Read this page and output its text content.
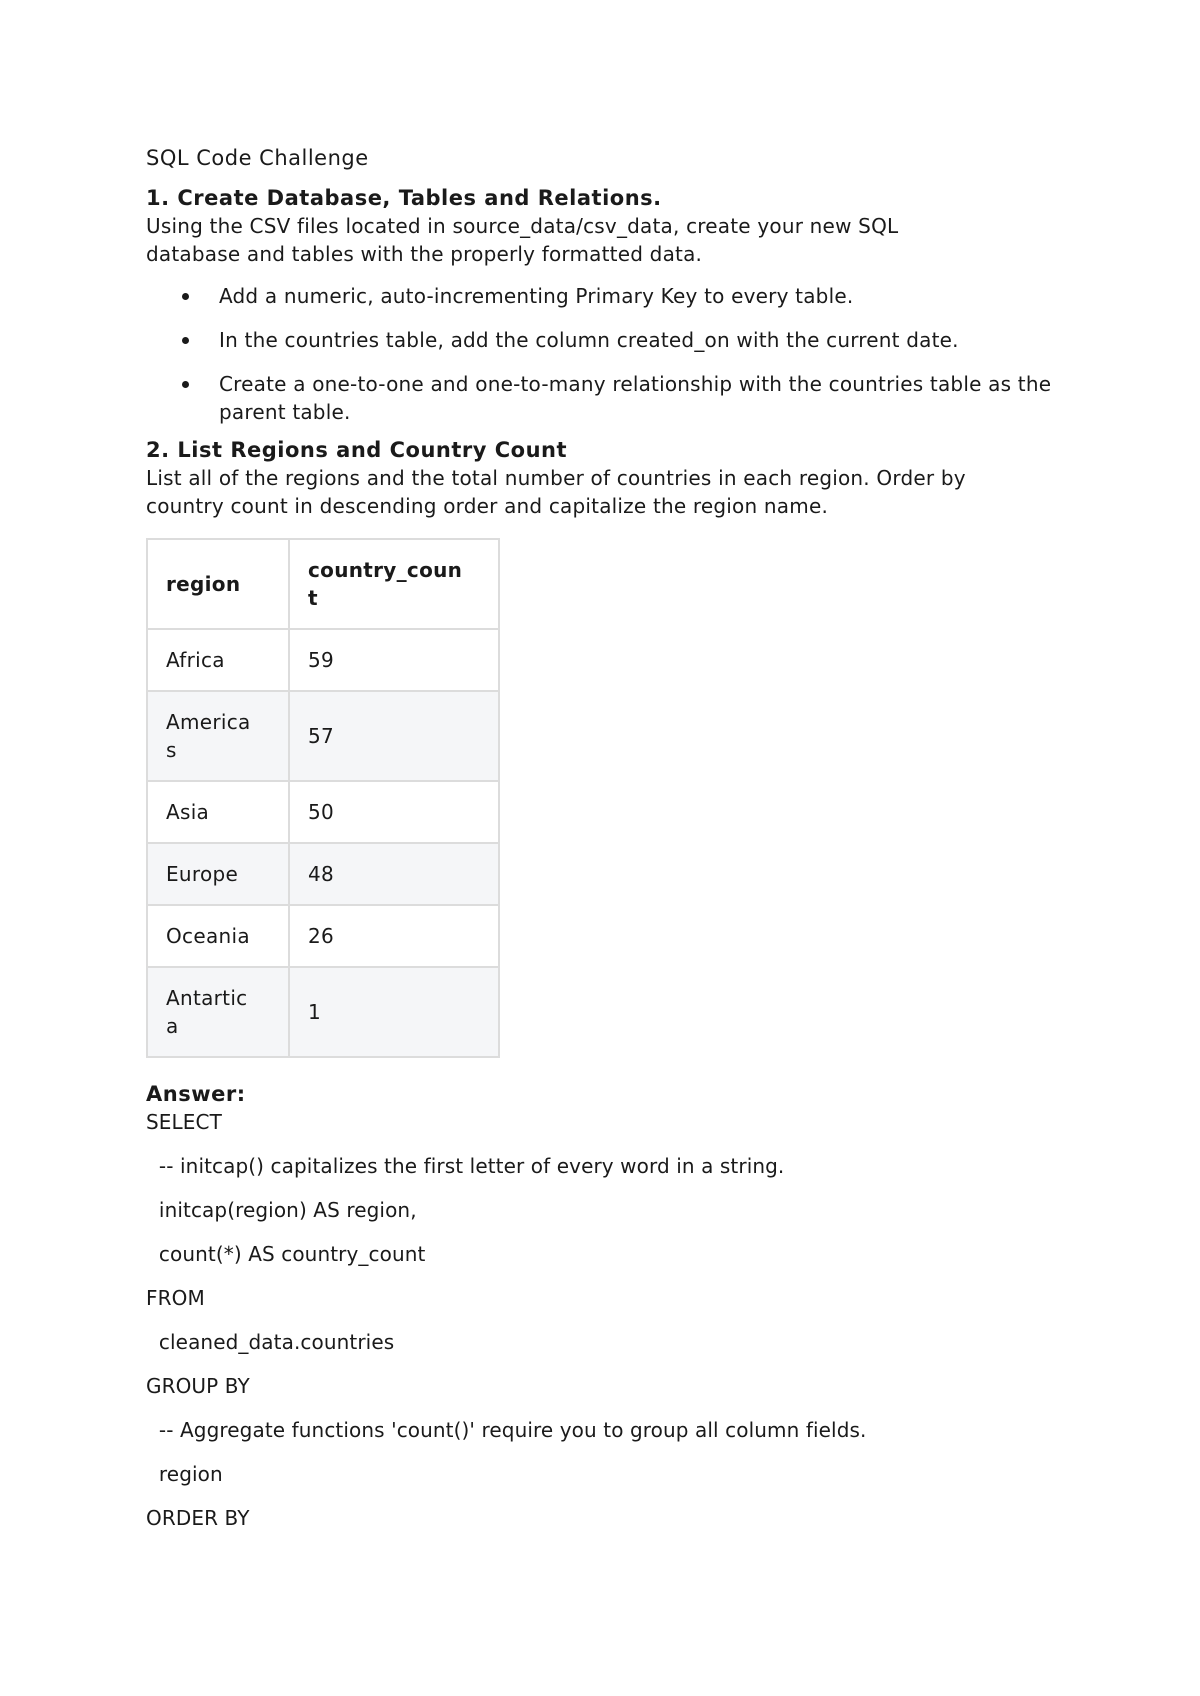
SQL Code Challenge
1. Create Database, Tables and Relations.

Using the CSV files located in source_data/csv_data, create your new SQL
database and tables with the properly formatted data.

Add a numeric, auto-incrementing Primary Key to every table.
In the countries table, add the column created_on with the current date.
Create a one-to-one and one-to-many relationship with the countries table as the parent table.
2. List Regions and Country Count

List all of the regions and the total number of countries in each region. Order by
country count in descending order and capitalize the region name.

region	country_coun
t
Africa	59
America
s	57
Asia	50
Europe	48
Oceania	26
Antartic
a	1

Answer:

SELECT

-- initcap() capitalizes the first letter of every word in a string.

initcap(region) AS region,

count(*) AS country_count

FROM

cleaned_data.countries

GROUP BY

-- Aggregate functions 'count()' require you to group all column fields.

region

ORDER BY
